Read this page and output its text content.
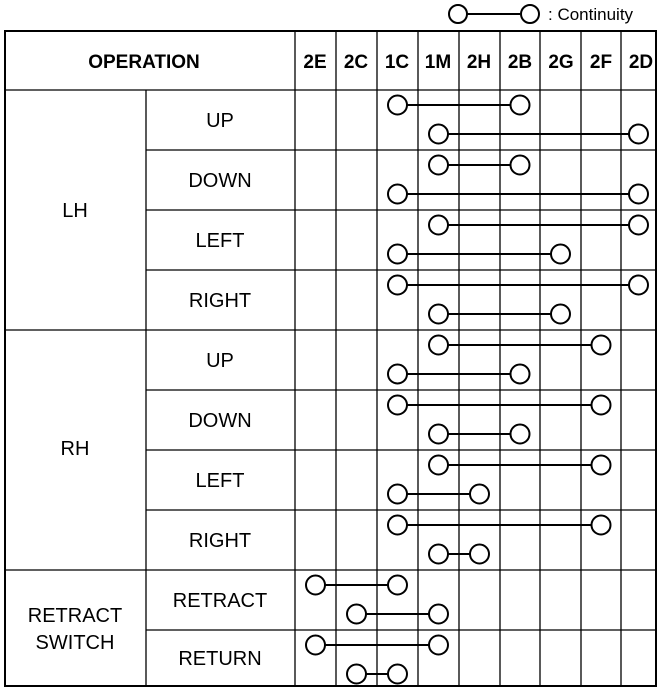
: Continuity
OPERATION	2E 2C 1C 1M 2H 2B 2G 2F 2D
LH
RH
RETRACT
SWITCH
UP
DOWN
LEFT
RIGHT
UP
DOWN
LEFT
RIGHT
RETRACT
RETURN
